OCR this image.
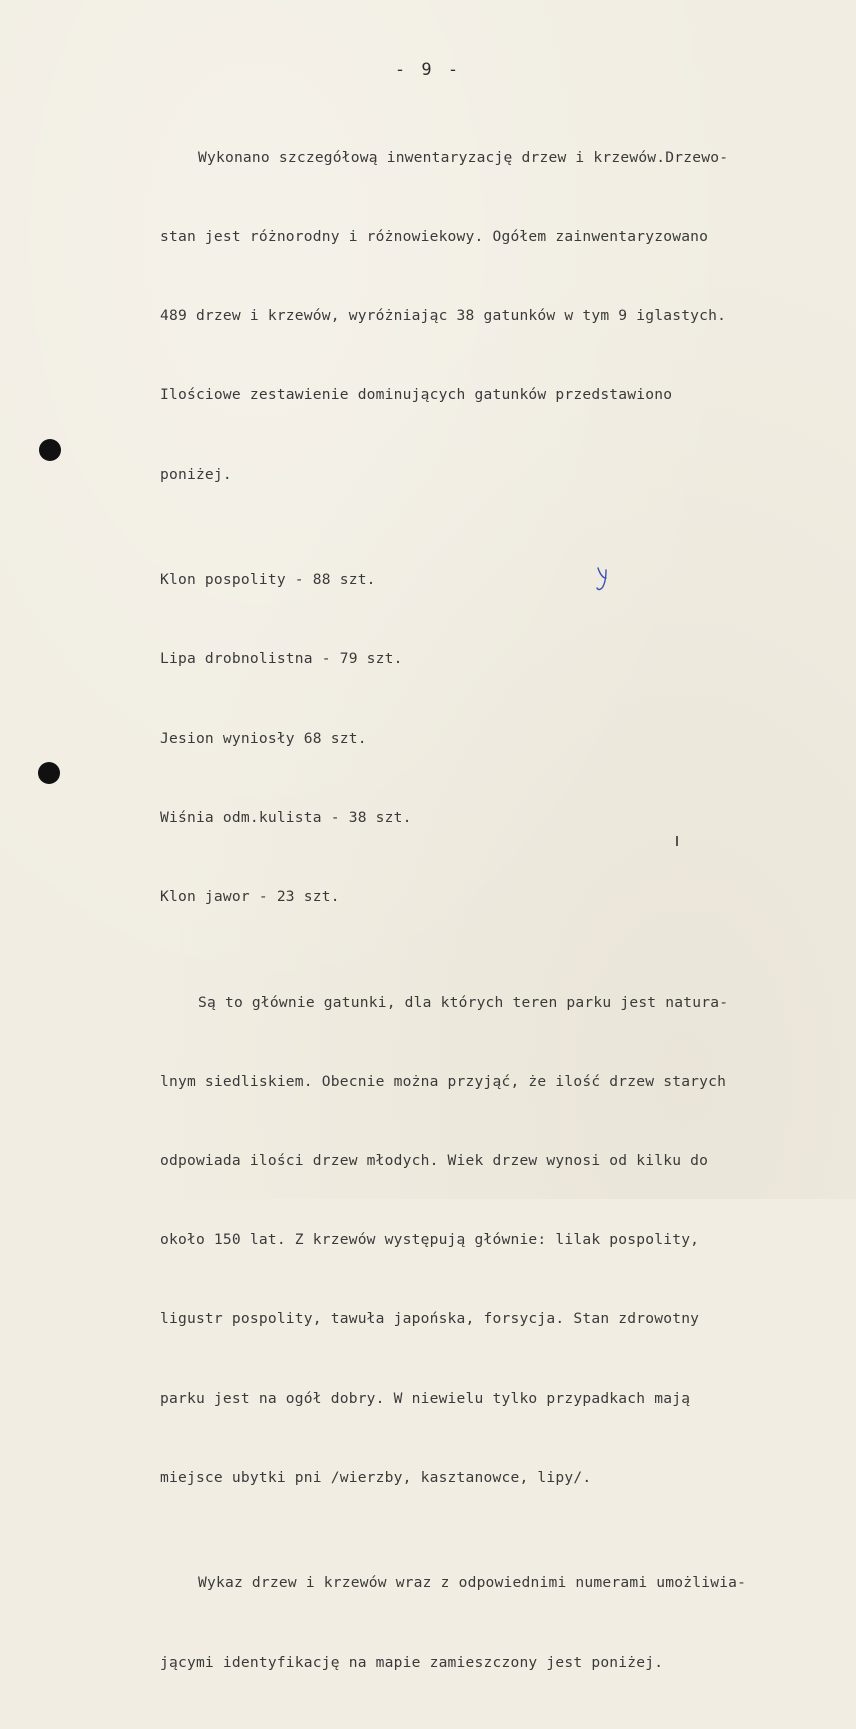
- 9 -

Wykonano szczegółową inwentaryzację drzew i krzewów.Drzewo-

stan jest różnorodny i różnowiekowy. Ogółem zainwentaryzowano

489 drzew i krzewów, wyróżniając 38 gatunków w tym 9 iglastych.

Ilościowe zestawienie dominujących gatunków przedstawiono

poniżej.

Klon pospolity - 88 szt.

Lipa drobnolistna - 79 szt.

Jesion wyniosły 68 szt.

Wiśnia odm.kulista - 38 szt.

Klon jawor - 23 szt.

Są to głównie gatunki, dla których teren parku jest natura-

lnym siedliskiem. Obecnie można przyjąć, że ilość drzew starych

odpowiada ilości drzew młodych. Wiek drzew wynosi od kilku do

około 150 lat. Z krzewów występują głównie: lilak pospolity,

ligustr pospolity, tawuła japońska, forsycja. Stan zdrowotny

parku jest na ogół dobry. W niewielu tylko przypadkach mają

miejsce ubytki pni /wierzby, kasztanowce, lipy/.

Wykaz drzew i krzewów wraz z odpowiednimi numerami umożliwia-

jącymi identyfikację na mapie zamieszczony jest poniżej.
